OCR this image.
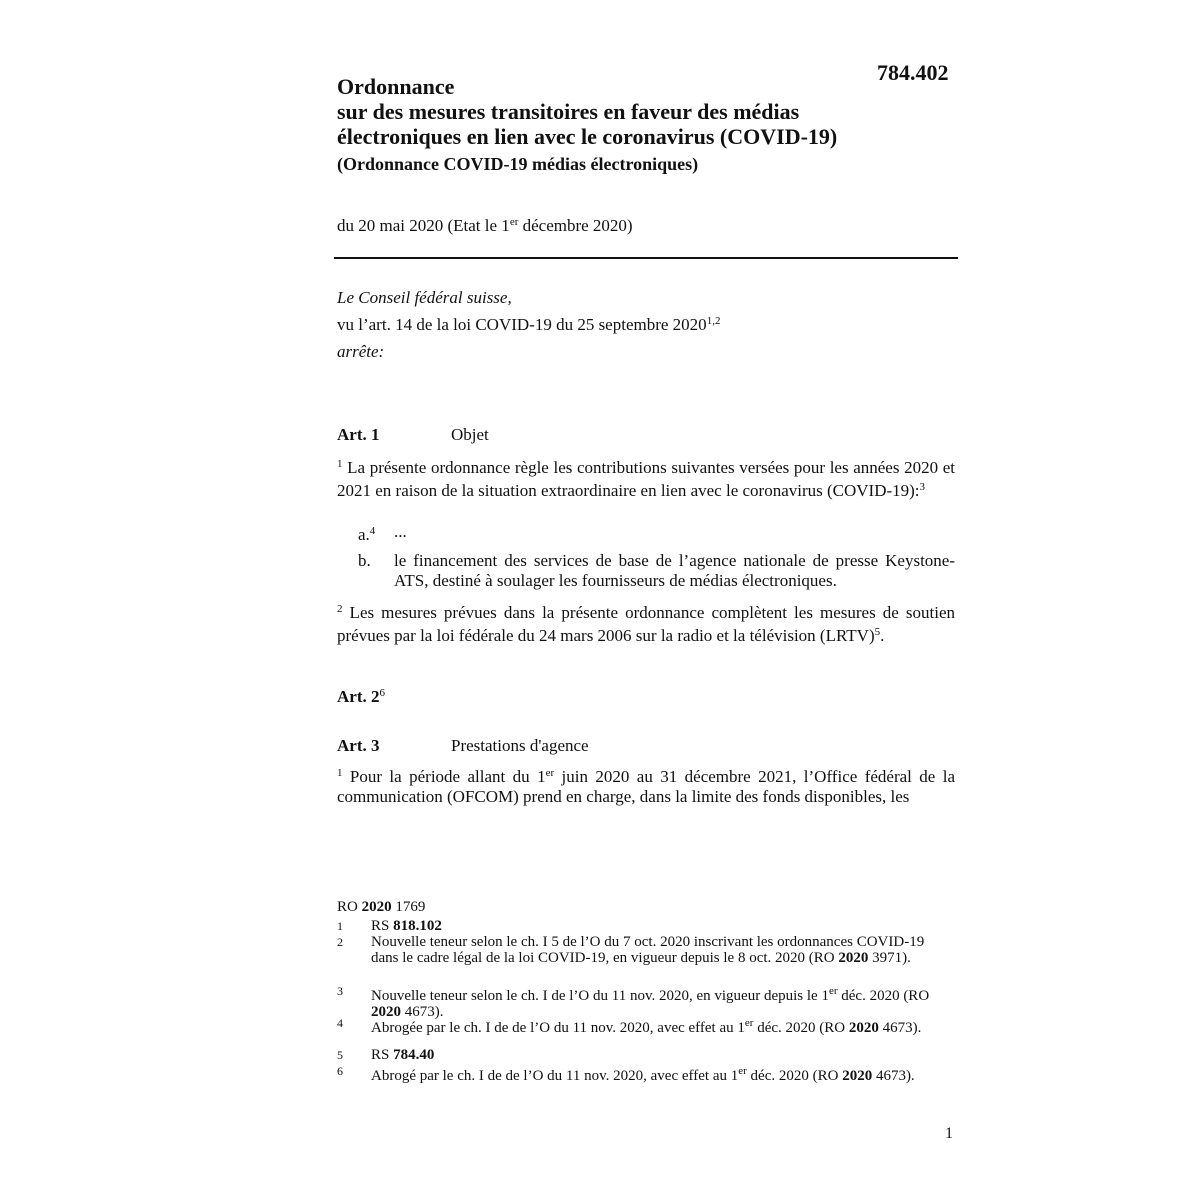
784.402
Ordonnance
sur des mesures transitoires en faveur des médias
électroniques en lien avec le coronavirus (COVID-19)
(Ordonnance COVID-19 médias électroniques)
du 20 mai 2020 (Etat le 1er décembre 2020)
Le Conseil fédéral suisse,
vu l’art. 14 de la loi COVID-19 du 25 septembre 2020$^{1,2}$
arrête:
Art. 1	Objet
$^1$ La présente ordonnance règle les contributions suivantes versées pour les années 2020 et 2021 en raison de la situation extraordinaire en lien avec le coronavirus (COVID-19):$^3$
a.$^4$ ...
b. le financement des services de base de l’agence nationale de presse Keystone-ATS, destiné à soulager les fournisseurs de médias électroniques.
$^2$ Les mesures prévues dans la présente ordonnance complètent les mesures de soutien prévues par la loi fédérale du 24 mars 2006 sur la radio et la télévision (LRTV)$^5$.
Art. $2^6$
Art. 3	Prestations d'agence
$^1$ Pour la période allant du 1er juin 2020 au 31 décembre 2021, l’Office fédéral de la communication (OFCOM) prend en charge, dans la limite des fonds disponibles, les
RO 2020 1769
1	RS 818.102
2	Nouvelle teneur selon le ch. I 5 de l’O du 7 oct. 2020 inscrivant les ordonnances COVID-19 dans le cadre légal de la loi COVID-19, en vigueur depuis le 8 oct. 2020 (RO 2020 3971).
3	Nouvelle teneur selon le ch. I de l’O du 11 nov. 2020, en vigueur depuis le 1er déc. 2020 (RO 2020 4673).
4	Abrogée par le ch. I de de l’O du 11 nov. 2020, avec effet au 1er déc. 2020 (RO 2020 4673).
5	RS 784.40
6	Abrogé par le ch. I de de l’O du 11 nov. 2020, avec effet au 1er déc. 2020 (RO 2020 4673).
1
